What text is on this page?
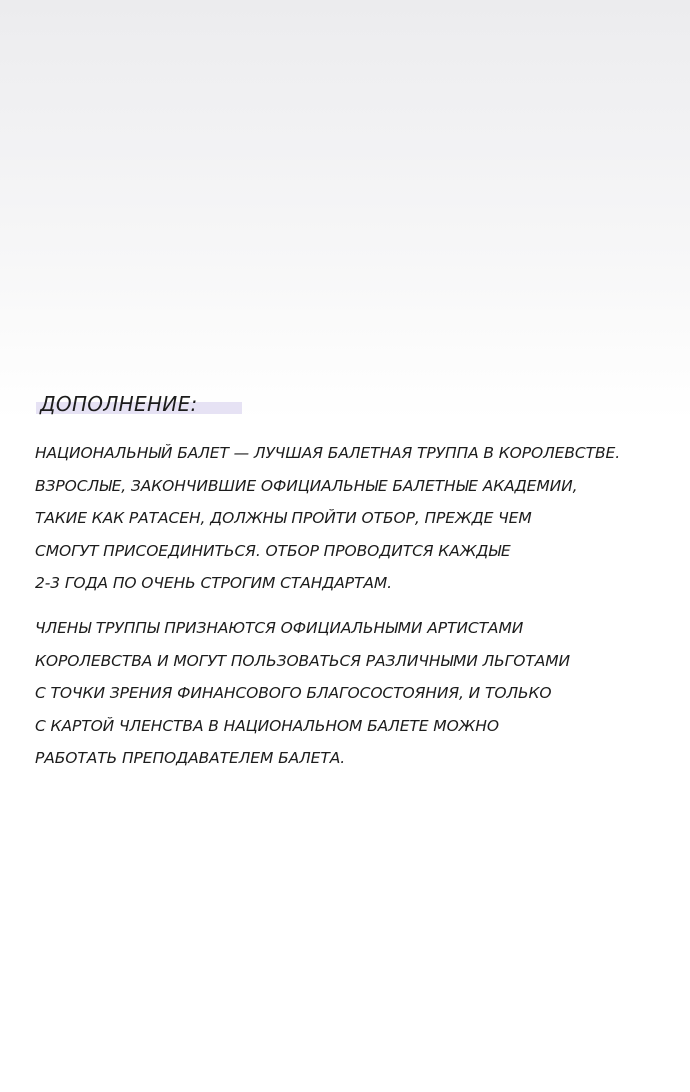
ДОПОЛНЕНИЕ:

НАЦИОНАЛЬНЫЙ БАЛЕТ — ЛУЧШАЯ БАЛЕТНАЯ ТРУППА В КОРОЛЕВСТВЕ.
ВЗРОСЛЫЕ, ЗАКОНЧИВШИЕ ОФИЦИАЛЬНЫЕ БАЛЕТНЫЕ АКАДЕМИИ,
ТАКИЕ КАК РАТАСЕН, ДОЛЖНЫ ПРОЙТИ ОТБОР, ПРЕЖДЕ ЧЕМ
СМОГУТ ПРИСОЕДИНИТЬСЯ. ОТБОР ПРОВОДИТСЯ КАЖДЫЕ
2-3 ГОДА ПО ОЧЕНЬ СТРОГИМ СТАНДАРТАМ.

ЧЛЕНЫ ТРУППЫ ПРИЗНАЮТСЯ ОФИЦИАЛЬНЫМИ АРТИСТАМИ
КОРОЛЕВСТВА И МОГУТ ПОЛЬЗОВАТЬСЯ РАЗЛИЧНЫМИ ЛЬГОТАМИ
С ТОЧКИ ЗРЕНИЯ ФИНАНСОВОГО БЛАГОСОСТОЯНИЯ, И ТОЛЬКО
С КАРТОЙ ЧЛЕНСТВА В НАЦИОНАЛЬНОМ БАЛЕТЕ МОЖНО
РАБОТАТЬ ПРЕПОДАВАТЕЛЕМ БАЛЕТА.
